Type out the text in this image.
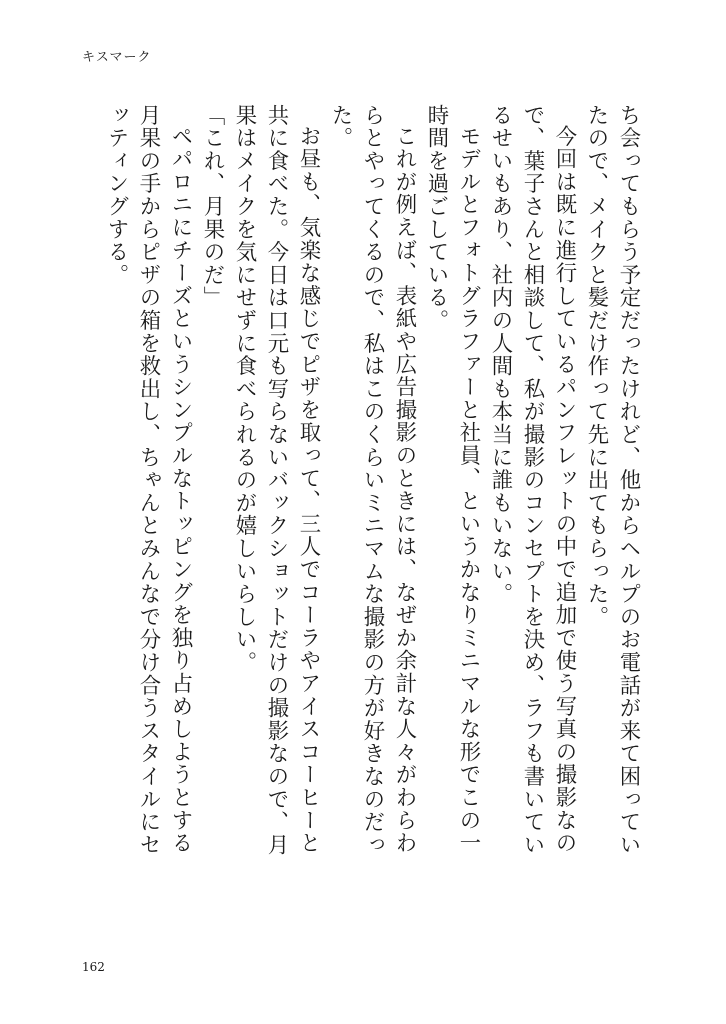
キスマーク

ち会ってもらう予定だったけれど、他からヘルプのお電話が来て困っていたので、メイクと髪だけ作って先に出てもらった。

今回は既に進行しているパンフレットの中で追加で使う写真の撮影なので、葉子さんと相談して、私が撮影のコンセプトを決め、ラフも書いているせいもあり、社内の人間も本当に誰もいない。

モデルとフォトグラファーと社員、というかなりミニマルな形でこの一時間を過ごしている。

これが例えば、表紙や広告撮影のときには、なぜか余計な人々がわらわらとやってくるので、私はこのくらいミニマムな撮影の方が好きなのだった。

お昼も、気楽な感じでピザを取って、三人でコーラやアイスコーヒーと共に食べた。今日は口元も写らないバックショットだけの撮影なので、月果はメイクを気にせずに食べられるのが嬉しいらしい。

「これ、月果のだ」

ペパロニにチーズというシンプルなトッピングを独り占めしようとする月果の手からピザの箱を救出し、ちゃんとみんなで分け合うスタイルにセッティングする。

162
